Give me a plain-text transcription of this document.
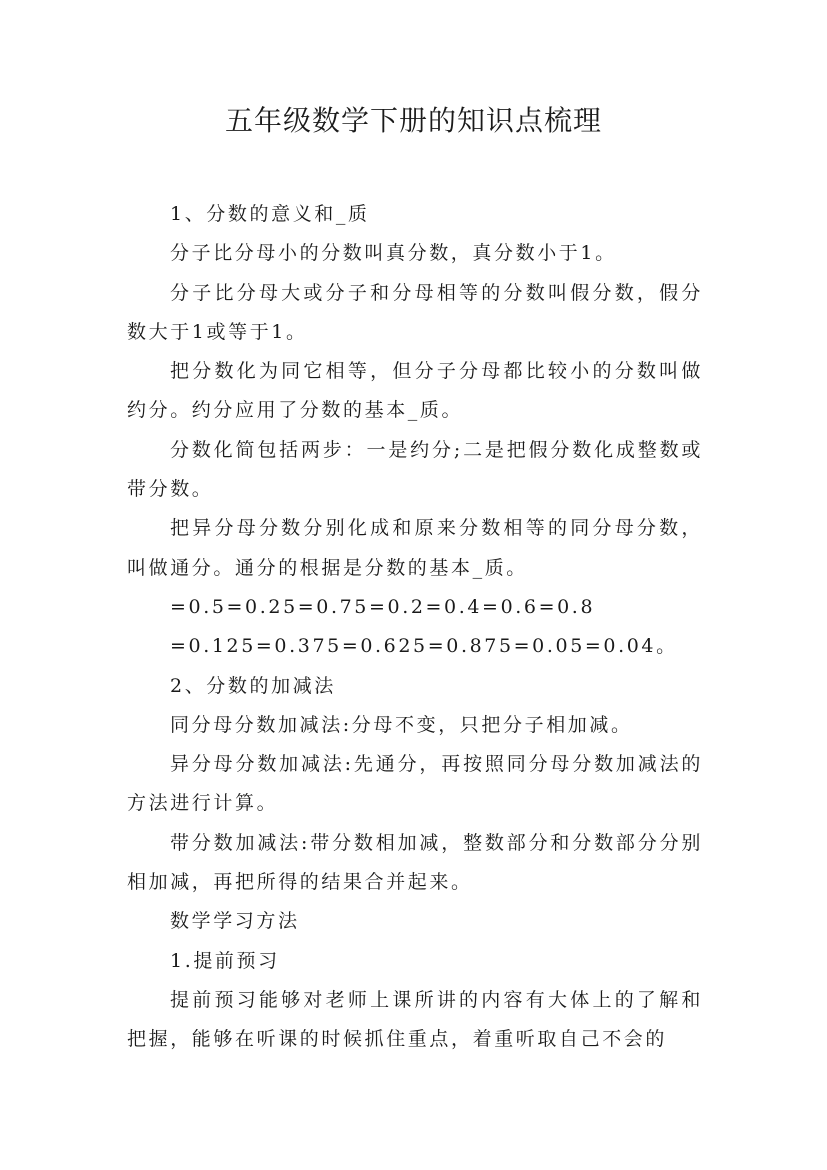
五年级数学下册的知识点梳理

1、分数的意义和_质

分子比分母小的分数叫真分数，真分数小于1。

分子比分母大或分子和分母相等的分数叫假分数，假分数大于1或等于1。

把分数化为同它相等，但分子分母都比较小的分数叫做约分。约分应用了分数的基本_质。

分数化简包括两步：一是约分;二是把假分数化成整数或带分数。

把异分母分数分别化成和原来分数相等的同分母分数，叫做通分。通分的根据是分数的基本_质。

=0.5=0.25=0.75=0.2=0.4=0.6=0.8

=0.125=0.375=0.625=0.875=0.05=0.04。

2、分数的加减法

同分母分数加减法:分母不变，只把分子相加减。

异分母分数加减法:先通分，再按照同分母分数加减法的方法进行计算。

带分数加减法:带分数相加减，整数部分和分数部分分别相加减，再把所得的结果合并起来。

数学学习方法

1.提前预习

提前预习能够对老师上课所讲的内容有大体上的了解和把握，能够在听课的时候抓住重点，着重听取自己不会的
